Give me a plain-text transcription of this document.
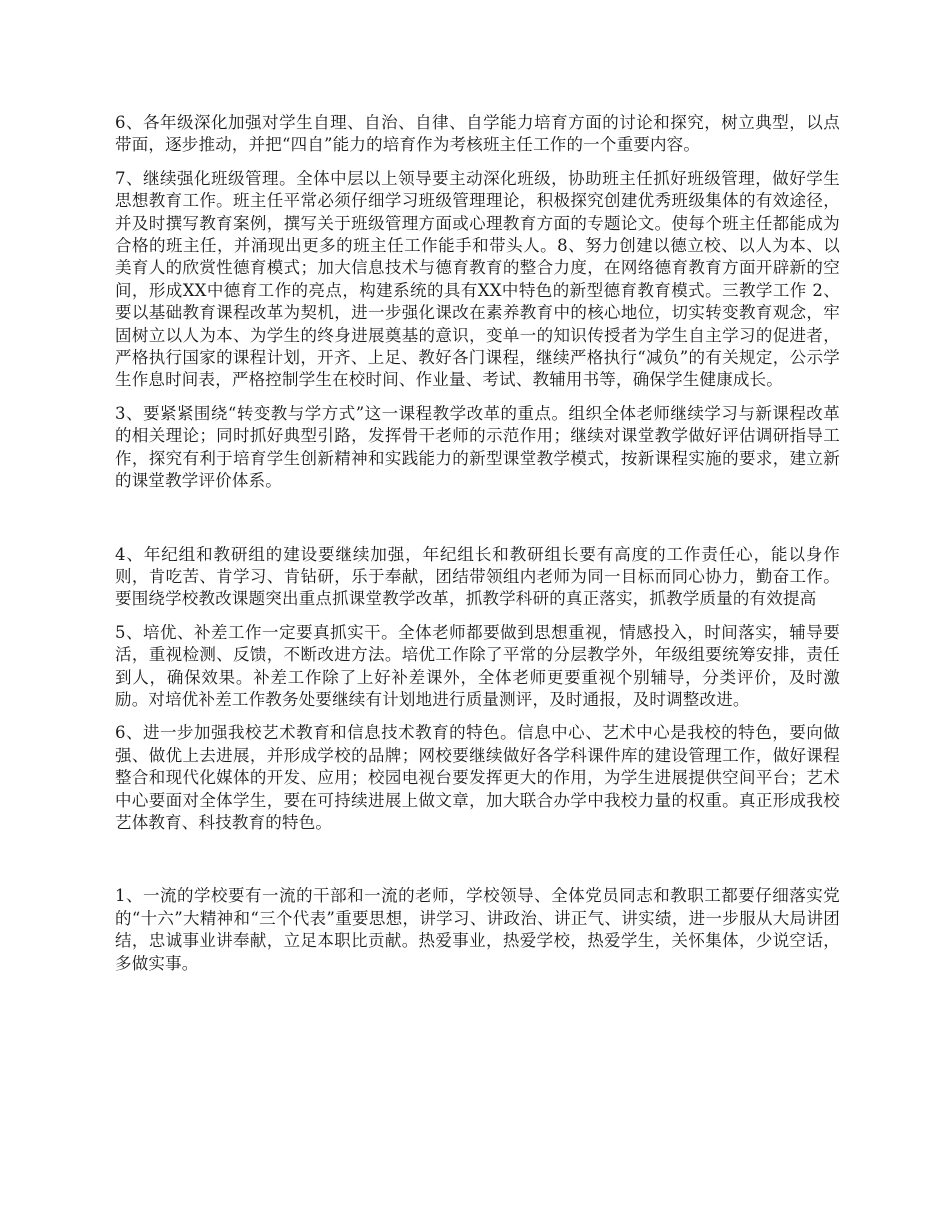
6、各年级深化加强对学生自理、自治、自律、自学能力培育方面的讨论和探究，树立典型，以点带面，逐步推动，并把“四自”能力的培育作为考核班主任工作的一个重要内容。

7、继续强化班级管理。全体中层以上领导要主动深化班级，协助班主任抓好班级管理，做好学生思想教育工作。班主任平常必须仔细学习班级管理理论，积极探究创建优秀班级集体的有效途径，并及时撰写教育案例，撰写关于班级管理方面或心理教育方面的专题论文。使每个班主任都能成为合格的班主任，并涌现出更多的班主任工作能手和带头人。8、努力创建以德立校、以人为本、以美育人的欣赏性德育模式；加大信息技术与德育教育的整合力度，在网络德育教育方面开辟新的空间，形成XX中德育工作的亮点，构建系统的具有XX中特色的新型德育教育模式。三教学工作 2、要以基础教育课程改革为契机，进一步强化课改在素养教育中的核心地位，切实转变教育观念，牢固树立以人为本、为学生的终身进展奠基的意识，变单一的知识传授者为学生自主学习的促进者，严格执行国家的课程计划，开齐、上足、教好各门课程，继续严格执行“减负”的有关规定，公示学生作息时间表，严格控制学生在校时间、作业量、考试、教辅用书等，确保学生健康成长。

3、要紧紧围绕“转变教与学方式”这一课程教学改革的重点。组织全体老师继续学习与新课程改革的相关理论；同时抓好典型引路，发挥骨干老师的示范作用；继续对课堂教学做好评估调研指导工作，探究有利于培育学生创新精神和实践能力的新型课堂教学模式，按新课程实施的要求，建立新的课堂教学评价体系。

4、年纪组和教研组的建设要继续加强，年纪组长和教研组长要有高度的工作责任心，能以身作则，肯吃苦、肯学习、肯钻研，乐于奉献，团结带领组内老师为同一目标而同心协力，勤奋工作。要围绕学校教改课题突出重点抓课堂教学改革，抓教学科研的真正落实，抓教学质量的有效提高

5、培优、补差工作一定要真抓实干。全体老师都要做到思想重视，情感投入，时间落实，辅导要活，重视检测、反馈，不断改进方法。培优工作除了平常的分层教学外，年级组要统筹安排，责任到人，确保效果。补差工作除了上好补差课外，全体老师更要重视个别辅导，分类评价，及时激励。对培优补差工作教务处要继续有计划地进行质量测评，及时通报，及时调整改进。

6、进一步加强我校艺术教育和信息技术教育的特色。信息中心、艺术中心是我校的特色，要向做强、做优上去进展，并形成学校的品牌；网校要继续做好各学科课件库的建设管理工作，做好课程整合和现代化媒体的开发、应用；校园电视台要发挥更大的作用，为学生进展提供空间平台；艺术中心要面对全体学生，要在可持续进展上做文章，加大联合办学中我校力量的权重。真正形成我校艺体教育、科技教育的特色。

1、一流的学校要有一流的干部和一流的老师，学校领导、全体党员同志和教职工都要仔细落实党的“十六”大精神和“三个代表”重要思想，讲学习、讲政治、讲正气、讲实绩，进一步服从大局讲团结，忠诚事业讲奉献，立足本职比贡献。热爱事业，热爱学校，热爱学生，关怀集体，少说空话，多做实事。
